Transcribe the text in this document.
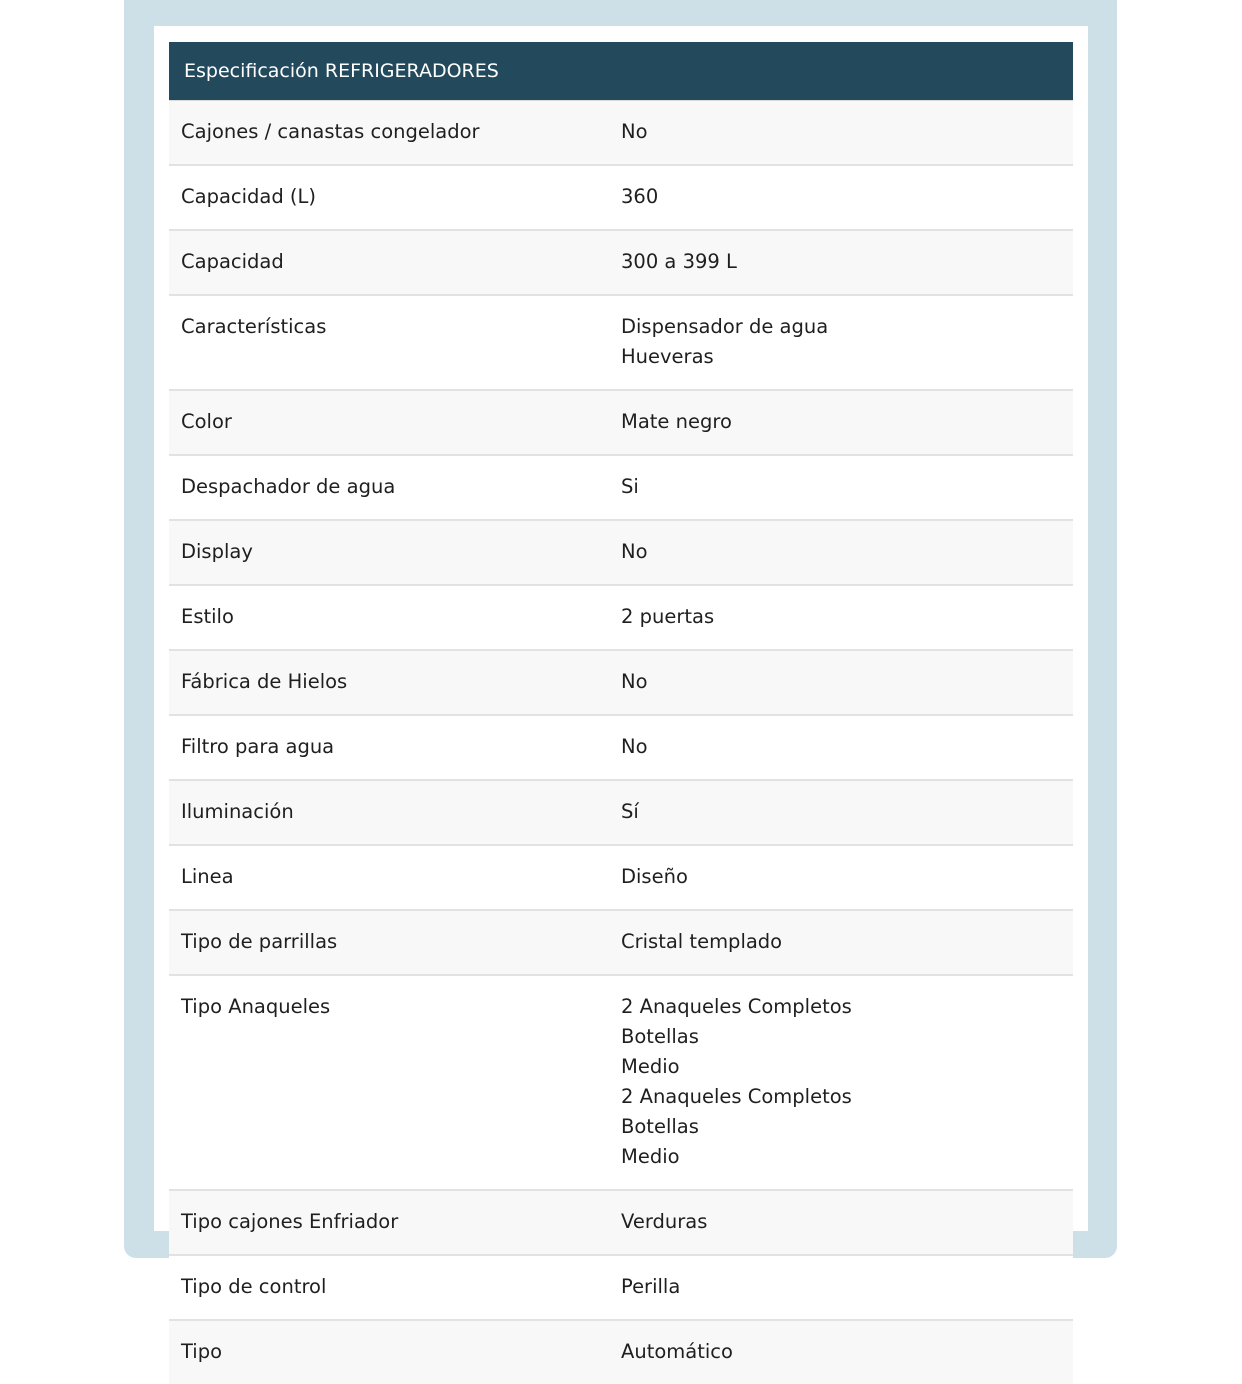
Especificación REFRIGERADORES
Cajones / canastas congelador	No
Capacidad (L)	360
Capacidad	300 a 399 L
Características	Dispensador de agua
Hueveras
Color	Mate negro
Despachador de agua	Si
Display	No
Estilo	2 puertas
Fábrica de Hielos	No
Filtro para agua	No
Iluminación	Sí
Linea	Diseño
Tipo de parrillas	Cristal templado
Tipo Anaqueles	2 Anaqueles Completos
Botellas
Medio
2 Anaqueles Completos
Botellas
Medio
Tipo cajones Enfriador	Verduras
Tipo de control	Perilla
Tipo	Automático
